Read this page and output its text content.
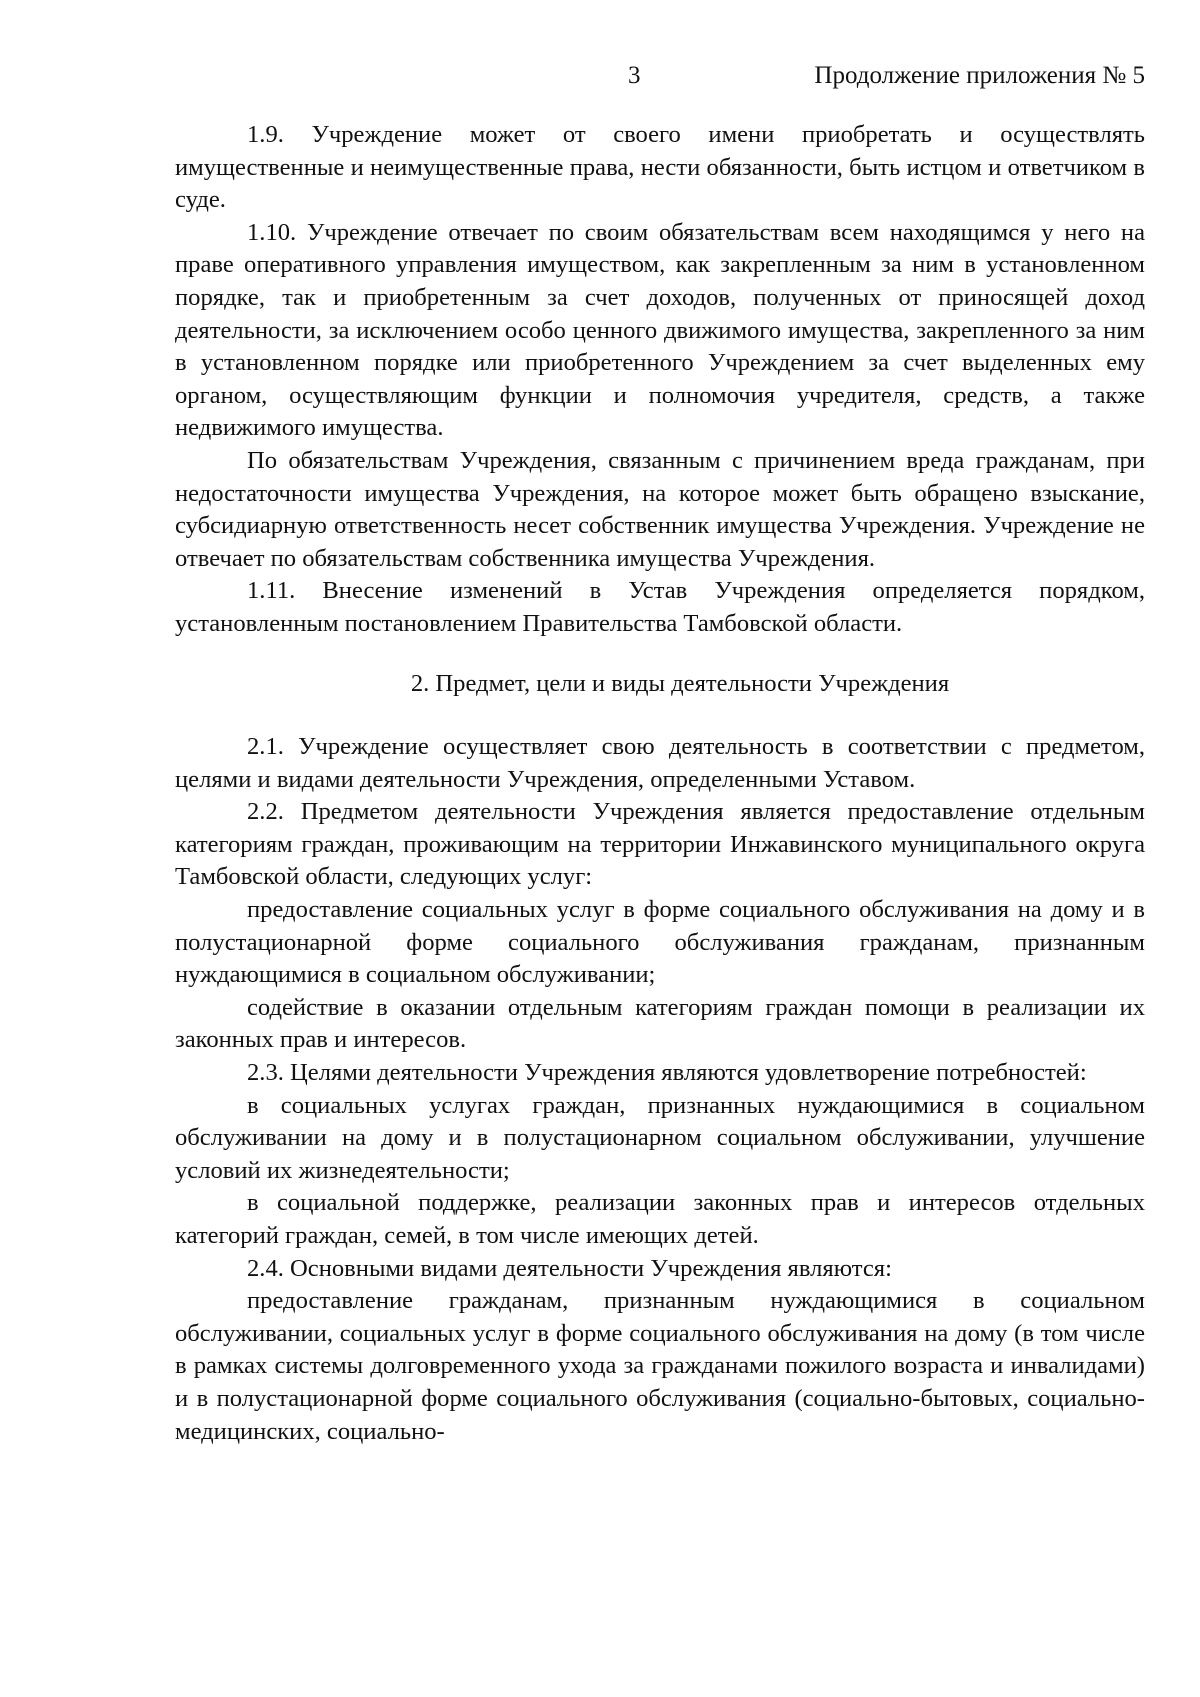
3	Продолжение приложения № 5

1.9. Учреждение может от своего имени приобретать и осуществлять имущественные и неимущественные права, нести обязанности, быть истцом и ответчиком в суде.

1.10. Учреждение отвечает по своим обязательствам всем находящимся у него на праве оперативного управления имуществом, как закрепленным за ним в установленном порядке, так и приобретенным за счет доходов, полученных от приносящей доход деятельности, за исключением особо ценного движимого имущества, закрепленного за ним в установленном порядке или приобретенного Учреждением за счет выделенных ему органом, осуществляющим функции и полномочия учредителя, средств, а также недвижимого имущества.

По обязательствам Учреждения, связанным с причинением вреда гражданам, при недостаточности имущества Учреждения, на которое может быть обращено взыскание, субсидиарную ответственность несет собственник имущества Учреждения. Учреждение не отвечает по обязательствам собственника имущества Учреждения.

1.11. Внесение изменений в Устав Учреждения определяется порядком, установленным постановлением Правительства Тамбовской области.

2. Предмет, цели и виды деятельности Учреждения

2.1. Учреждение осуществляет свою деятельность в соответствии с предметом, целями и видами деятельности Учреждения, определенными Уставом.

2.2. Предметом деятельности Учреждения является предоставление отдельным категориям граждан, проживающим на территории Инжавинского муниципального округа Тамбовской области, следующих услуг:

предоставление социальных услуг в форме социального обслуживания на дому и в полустационарной форме социального обслуживания гражданам, признанным нуждающимися в социальном обслуживании;

содействие в оказании отдельным категориям граждан помощи в реализации их законных прав и интересов.

2.3. Целями деятельности Учреждения являются удовлетворение потребностей:

в социальных услугах граждан, признанных нуждающимися в социальном обслуживании на дому и в полустационарном социальном обслуживании, улучшение условий их жизнедеятельности;

в социальной поддержке, реализации законных прав и интересов отдельных категорий граждан, семей, в том числе имеющих детей.

2.4. Основными видами деятельности Учреждения являются:

предоставление гражданам, признанным нуждающимися в социальном обслуживании, социальных услуг в форме социального обслуживания на дому (в том числе в рамках системы долговременного ухода за гражданами пожилого возраста и инвалидами) и в полустационарной форме социального обслуживания (социально-бытовых, социально-медицинских, социально-
